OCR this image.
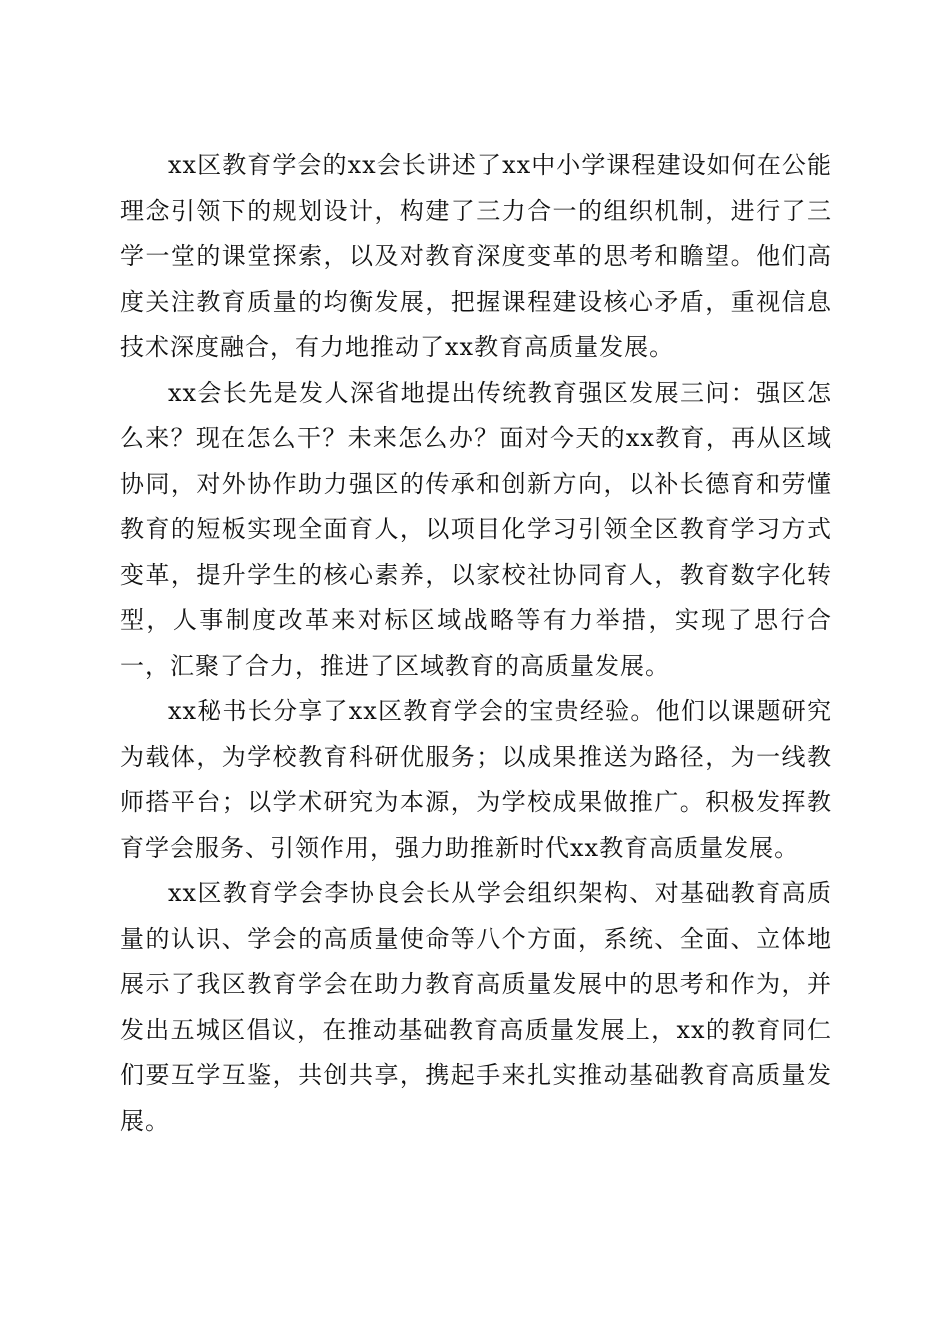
xx区教育学会的xx会长讲述了xx中小学课程建设如何在公能理念引领下的规划设计，构建了三力合一的组织机制，进行了三学一堂的课堂探索，以及对教育深度变革的思考和瞻望。他们高度关注教育质量的均衡发展，把握课程建设核心矛盾，重视信息技术深度融合，有力地推动了xx教育高质量发展。

xx会长先是发人深省地提出传统教育强区发展三问：强区怎么来？现在怎么干？未来怎么办？面对今天的xx教育，再从区域协同，对外协作助力强区的传承和创新方向，以补长德育和劳懂教育的短板实现全面育人，以项目化学习引领全区教育学习方式变革，提升学生的核心素养，以家校社协同育人，教育数字化转型，人事制度改革来对标区域战略等有力举措，实现了思行合一，汇聚了合力，推进了区域教育的高质量发展。

xx秘书长分享了xx区教育学会的宝贵经验。他们以课题研究为载体，为学校教育科研优服务；以成果推送为路径，为一线教师搭平台；以学术研究为本源，为学校成果做推广。积极发挥教育学会服务、引领作用，强力助推新时代xx教育高质量发展。

xx区教育学会李协良会长从学会组织架构、对基础教育高质量的认识、学会的高质量使命等八个方面，系统、全面、立体地展示了我区教育学会在助力教育高质量发展中的思考和作为，并发出五城区倡议，在推动基础教育高质量发展上，xx的教育同仁们要互学互鉴，共创共享，携起手来扎实推动基础教育高质量发展。
